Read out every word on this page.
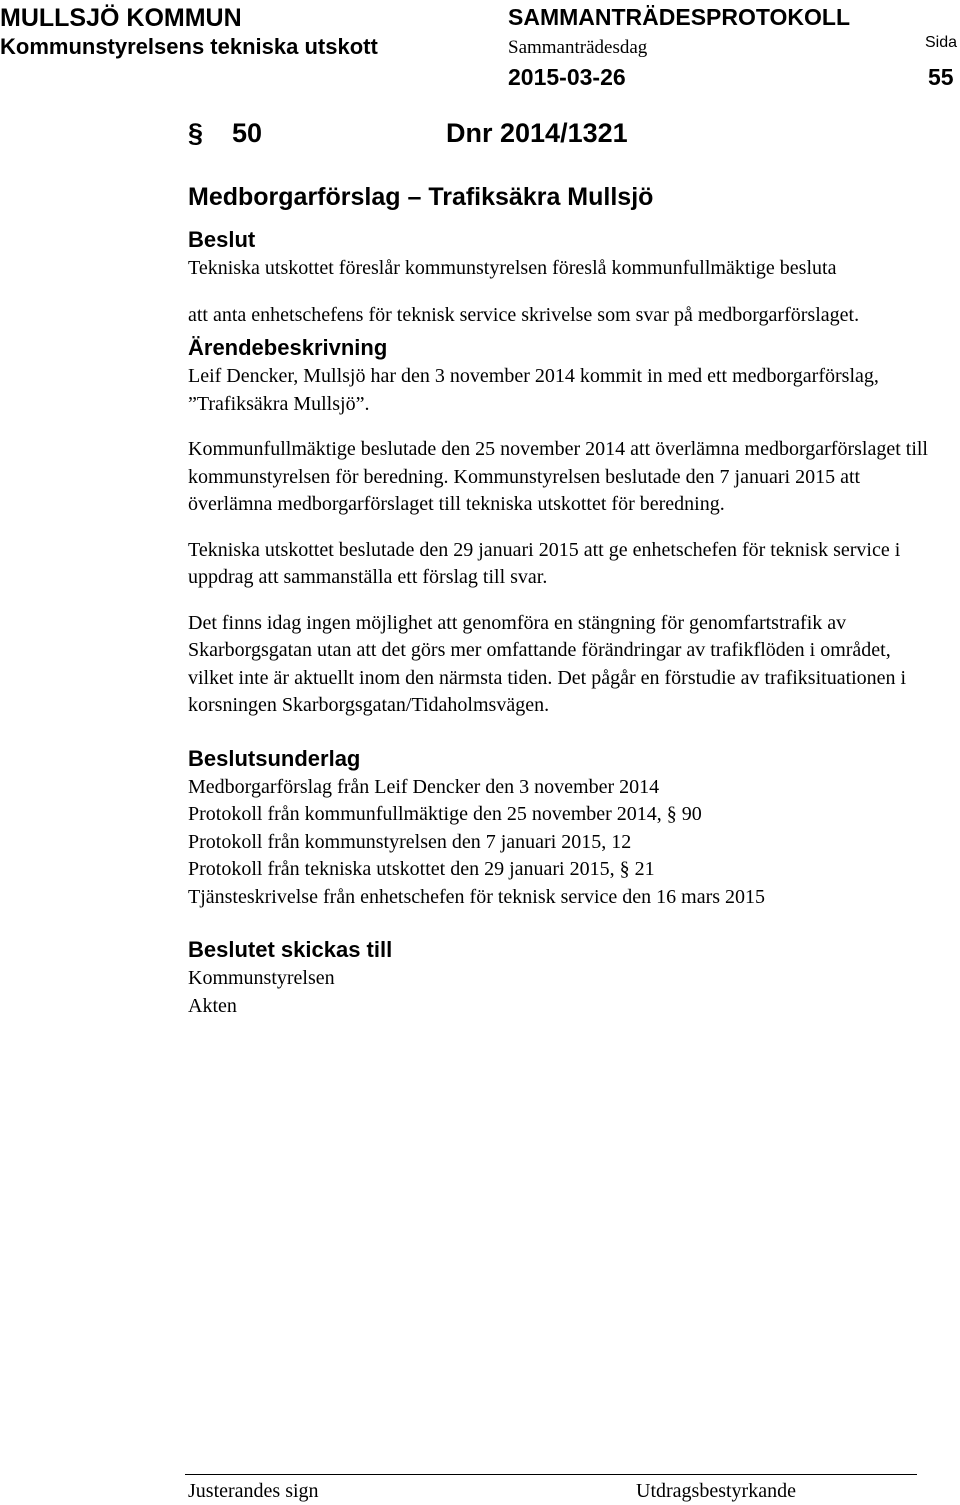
MULLSJÖ KOMMUN
Kommunstyrelsens tekniska utskott
SAMMANTRÄDESPROTOKOLL
Sammanträdesdag
2015-03-26
Sida
55
§ 50	Dnr 2014/1321
Medborgarförslag – Trafiksäkra Mullsjö
Beslut

Tekniska utskottet föreslår kommunstyrelsen föreslå kommunfullmäktige besluta

att anta enhetschefens för teknisk service skrivelse som svar på medborgarförslaget.

Ärendebeskrivning

Leif Dencker, Mullsjö har den 3 november 2014 kommit in med ett medborgarförslag, ”Trafiksäkra Mullsjö”.

Kommunfullmäktige beslutade den 25 november 2014 att överlämna medborgarförslaget till kommunstyrelsen för beredning. Kommunstyrelsen beslutade den 7 januari 2015 att överlämna medborgarförslaget till tekniska utskottet för beredning.

Tekniska utskottet beslutade den 29 januari 2015 att ge enhetschefen för teknisk service i uppdrag att sammanställa ett förslag till svar.

Det finns idag ingen möjlighet att genomföra en stängning för genomfartstrafik av Skarborgsgatan utan att det görs mer omfattande förändringar av trafikflöden i området, vilket inte är aktuellt inom den närmsta tiden. Det pågår en förstudie av trafiksituationen i korsningen Skarborgsgatan/Tidaholmsvägen.

Beslutsunderlag
Medborgarförslag från Leif Dencker den 3 november 2014
Protokoll från kommunfullmäktige den 25 november 2014, § 90
Protokoll från kommunstyrelsen den 7 januari 2015, 12
Protokoll från tekniska utskottet den 29 januari 2015, § 21
Tjänsteskrivelse från enhetschefen för teknisk service den 16 mars 2015
Beslutet skickas till
Kommunstyrelsen
Akten
Justerandes sign	Utdragsbestyrkande
